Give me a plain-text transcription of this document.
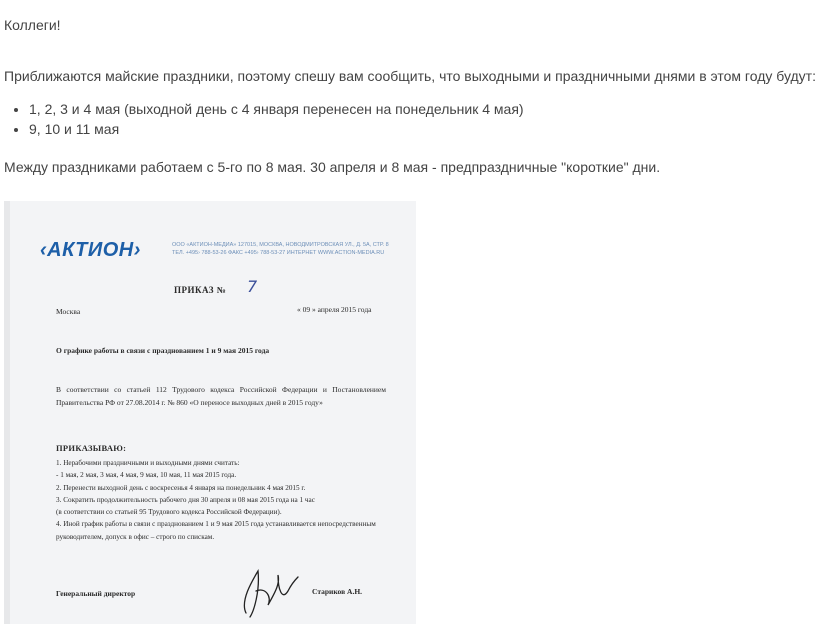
Коллеги!

Приближаются майские праздники, поэтому спешу вам сообщить, что выходными и праздничными днями в этом году будут:

• 1, 2, 3 и 4 мая (выходной день с 4 января перенесен на понедельник 4 мая)
• 9, 10 и 11 мая

Между праздниками работаем с 5-го по 8 мая. 30 апреля и 8 мая - предпраздничные "короткие" дни.

‹АКТИОН›	ООО «АКТИОН-МЕДИА» 127015, МОСКВА, НОВОДМИТРОВСКАЯ УЛ., Д. 5А, СТР. 8
ТЕЛ. +495› 788-53-26 ФАКС +495› 788-53-27 ИНТЕРНЕТ WWW.ACTION-MEDIA.RU
ПРИКАЗ № 7
Москва	« 09 » апреля 2015 года
О графике работы в связи с празднованием 1 и 9 мая 2015 года
В соответствии со статьей 112 Трудового кодекса Российской Федерации и Постановлением Правительства РФ от 27.08.2014 г. № 860 «О переносе выходных дней в 2015 году»
ПРИКАЗЫВАЮ:
1. Нерабочими праздничными и выходными днями считать:
- 1 мая, 2 мая, 3 мая, 4 мая, 9 мая, 10 мая, 11 мая 2015 года.
2. Перенести выходной день с воскресенья 4 января на понедельник 4 мая 2015 г.
3. Сократить продолжительность рабочего дня 30 апреля и 08 мая 2015 года на 1 час
(в соответствии со статьей 95 Трудового кодекса Российской Федерации).
4. Иной график работы в связи с празднованием 1 и 9 мая 2015 года устанавливается непосредственным руководителем, допуск в офис – строго по спискам.
Генеральный директор	Стариков А.Н.
